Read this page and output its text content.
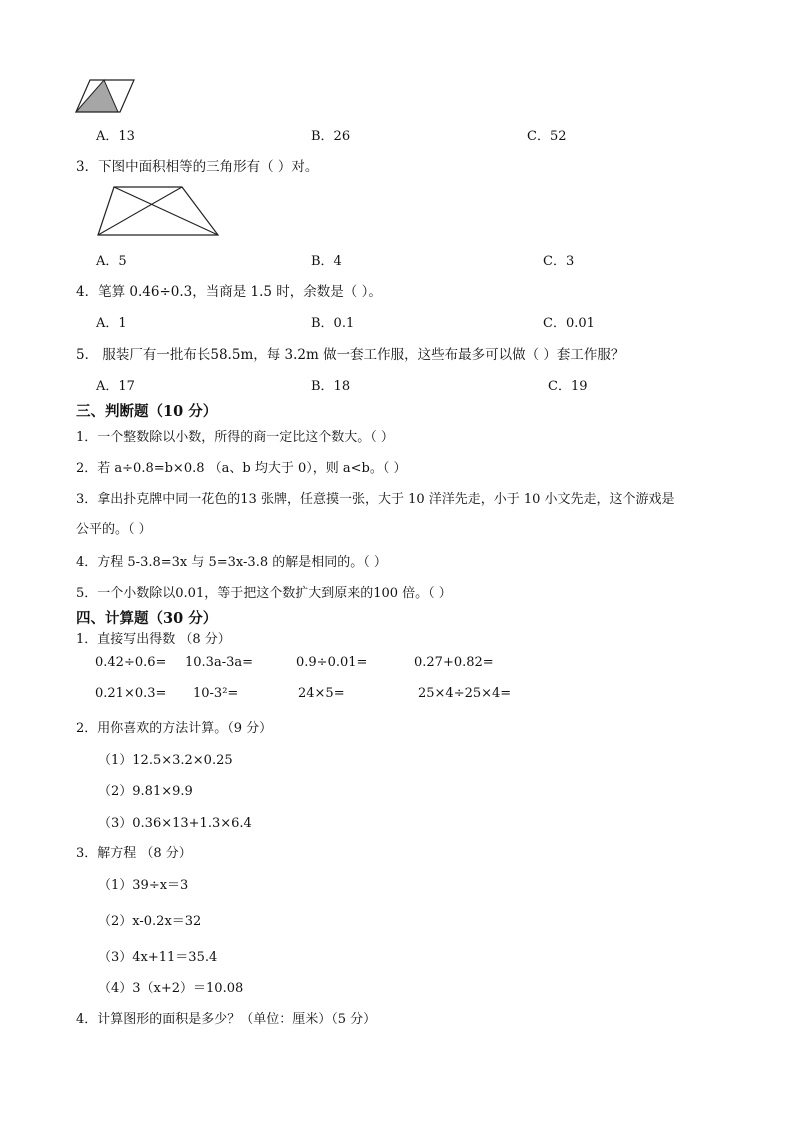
A．13	B．26	C．52
3．下图中面积相等的三角形有（ ）对。
A．5	B．4	C．3
4．笔算 0.46÷0.3，当商是 1.5 时，余数是（ ）。
A．1	B．0.1	C．0.01
5． 服装厂有一批布长58.5m，每 3.2m 做一套工作服，这些布最多可以做（ ）套工作服？
A．17	B．18	C．19
三、判断题（10 分）
1．一个整数除以小数，所得的商一定比这个数大。（ ）
2．若 a÷0.8=b×0.8 （a、b 均大于 0），则 a<b。（ ）
3．拿出扑克牌中同一花色的13 张牌，任意摸一张，大于 10 洋洋先走，小于 10 小文先走，这个游戏是
公平的。（ ）
4．方程 5-3.8=3x 与 5=3x-3.8 的解是相同的。（ ）
5．一个小数除以0.01，等于把这个数扩大到原来的100 倍。（ ）
四、计算题（30 分）
1．直接写出得数 （8 分）
0.42÷0.6= 10.3a-3a=	0.9÷0.01=	0.27+0.82=
0.21×0.3= 10-3²=	24×5=	25×4÷25×4=
2．用你喜欢的方法计算。（9 分）
（1）12.5×3.2×0.25
（2）9.81×9.9
（3）0.36×13+1.3×6.4
3．解方程 （8 分）
（1）39÷x＝3
（2）x-0.2x＝32
（3）4x+11＝35.4
（4）3（x+2）＝10.08
4．计算图形的面积是多少？（单位：厘米）（5 分）
